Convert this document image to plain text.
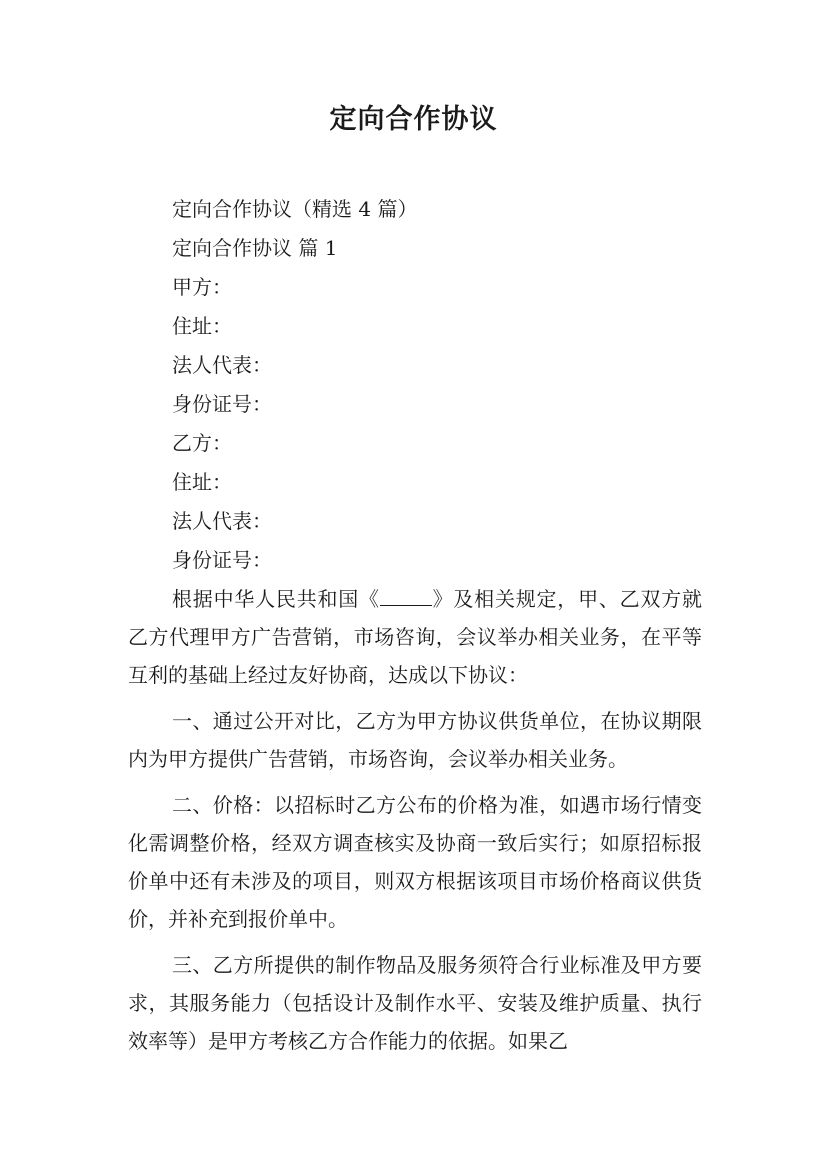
定向合作协议

定向合作协议（精选 4 篇）

定向合作协议 篇 1

甲方：

住址：

法人代表：

身份证号：

乙方：

住址：

法人代表：

身份证号：

根据中华人民共和国《	》及相关规定，甲、乙双方就乙方代理甲方广告营销，市场咨询，会议举办相关业务，在平等互利的基础上经过友好协商，达成以下协议：

一、通过公开对比，乙方为甲方协议供货单位，在协议期限内为甲方提供广告营销，市场咨询，会议举办相关业务。

二、价格：以招标时乙方公布的价格为准，如遇市场行情变化需调整价格，经双方调查核实及协商一致后实行；如原招标报价单中还有未涉及的项目，则双方根据该项目市场价格商议供货价，并补充到报价单中。

三、乙方所提供的制作物品及服务须符合行业标准及甲方要求，其服务能力（包括设计及制作水平、安装及维护质量、执行效率等）是甲方考核乙方合作能力的依据。如果乙
